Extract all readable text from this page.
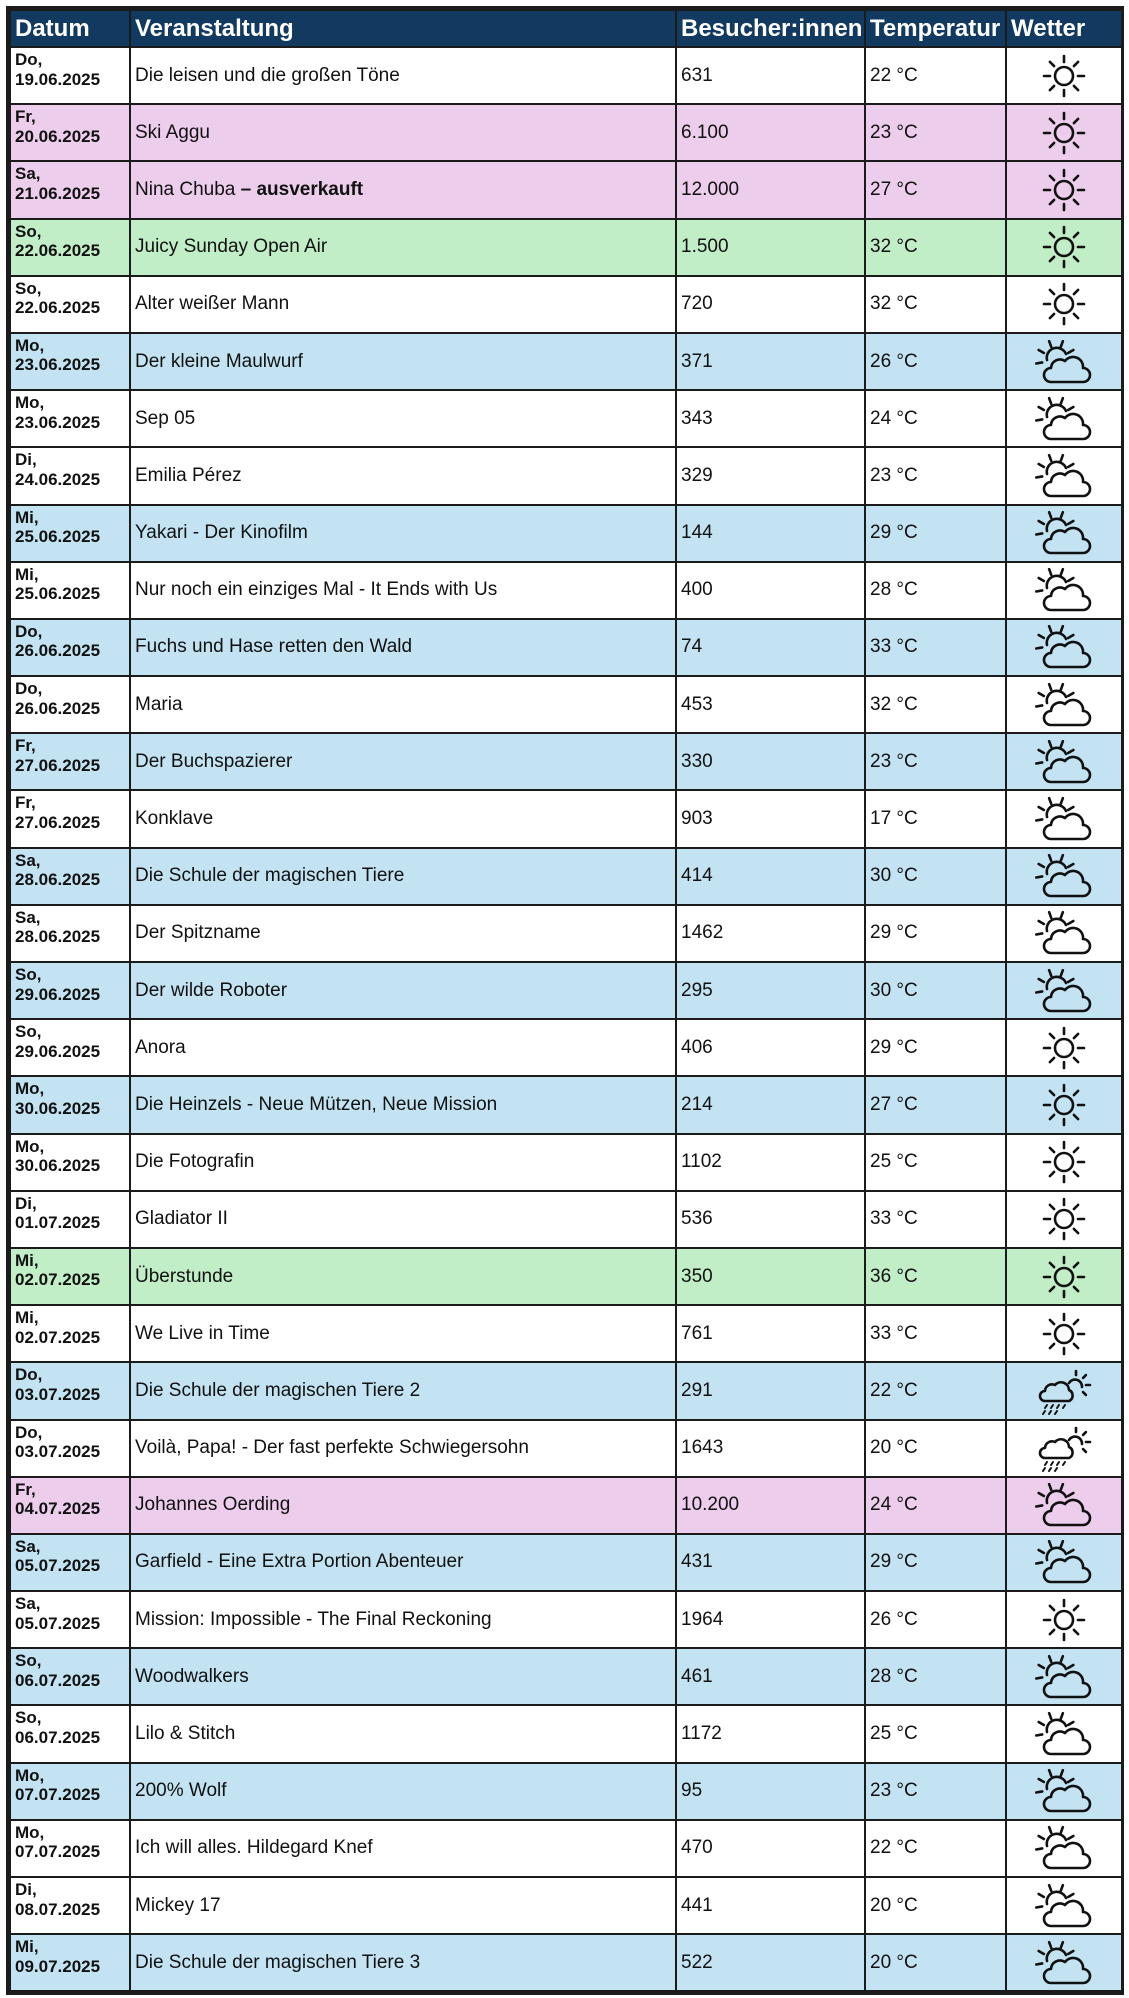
Datum	Veranstaltung	Besucher:innen	Temperatur	Wetter

Do,
19.06.2025	Die leisen und die großen Töne	631	22 °C	

Fr,
20.06.2025	Ski Aggu	6.100	23 °C	

Sa,
21.06.2025	Nina Chuba – ausverkauft	12.000	27 °C	

So,
22.06.2025	Juicy Sunday Open Air	1.500	32 °C	

So,
22.06.2025	Alter weißer Mann	720	32 °C	

Mo,
23.06.2025	Der kleine Maulwurf	371	26 °C	

Mo,
23.06.2025	Sep 05	343	24 °C	

Di,
24.06.2025	Emilia Pérez	329	23 °C	

Mi,
25.06.2025	Yakari - Der Kinofilm	144	29 °C	

Mi,
25.06.2025	Nur noch ein einziges Mal - It Ends with Us	400	28 °C	

Do,
26.06.2025	Fuchs und Hase retten den Wald	74	33 °C	

Do,
26.06.2025	Maria	453	32 °C	

Fr,
27.06.2025	Der Buchspazierer	330	23 °C	

Fr,
27.06.2025	Konklave	903	17 °C	

Sa,
28.06.2025	Die Schule der magischen Tiere	414	30 °C	

Sa,
28.06.2025	Der Spitzname	1462	29 °C	

So,
29.06.2025	Der wilde Roboter	295	30 °C	

So,
29.06.2025	Anora	406	29 °C	

Mo,
30.06.2025	Die Heinzels - Neue Mützen, Neue Mission	214	27 °C	

Mo,
30.06.2025	Die Fotografin	1102	25 °C	

Di,
01.07.2025	Gladiator II	536	33 °C	

Mi,
02.07.2025	Überstunde	350	36 °C	

Mi,
02.07.2025	We Live in Time	761	33 °C	

Do,
03.07.2025	Die Schule der magischen Tiere 2	291	22 °C	

Do,
03.07.2025	Voilà, Papa! - Der fast perfekte Schwiegersohn	1643	20 °C	

Fr,
04.07.2025	Johannes Oerding	10.200	24 °C	

Sa,
05.07.2025	Garfield - Eine Extra Portion Abenteuer	431	29 °C	

Sa,
05.07.2025	Mission: Impossible - The Final Reckoning	1964	26 °C	

So,
06.07.2025	Woodwalkers	461	28 °C	

So,
06.07.2025	Lilo & Stitch	1172	25 °C	

Mo,
07.07.2025	200% Wolf	95	23 °C	

Mo,
07.07.2025	Ich will alles. Hildegard Knef	470	22 °C	

Di,
08.07.2025	Mickey 17	441	20 °C	

Mi,
09.07.2025	Die Schule der magischen Tiere 3	522	20 °C	
